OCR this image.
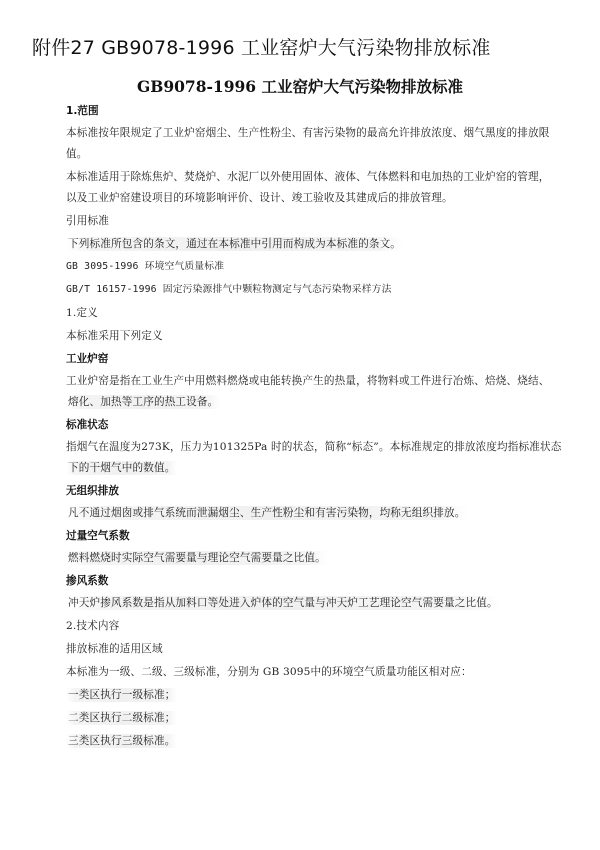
附件27 GB9078-1996 工业窑炉大气污染物排放标准
GB9078-1996 工业窑炉大气污染物排放标准
1.范围
本标准按年限规定了工业炉窑烟尘、生产性粉尘、有害污染物的最高允许排放浓度、烟气黑度的排放限
值。
本标准适用于除炼焦炉、焚烧炉、水泥厂以外使用固体、液体、气体燃料和电加热的工业炉窑的管理，
以及工业炉窑建设项目的环境影响评价、设计、竣工验收及其建成后的排放管理。
引用标准
下列标准所包含的条文，通过在本标准中引用而构成为本标准的条文。
GB 3095-1996 环境空气质量标准
GB/T 16157-1996 固定污染源排气中颗粒物测定与气态污染物采样方法
1.定义
本标准采用下列定义
工业炉窑
工业炉窑是指在工业生产中用燃料燃烧或电能转换产生的热量，将物料或工件进行冶炼、焙烧、烧结、
熔化、加热等工序的热工设备。
标准状态
指烟气在温度为273K，压力为101325Pa 时的状态，简称“标态”。本标准规定的排放浓度均指标准状态
下的干烟气中的数值。
无组织排放
凡不通过烟囱或排气系统而泄漏烟尘、生产性粉尘和有害污染物，均称无组织排放。
过量空气系数
燃料燃烧时实际空气需要量与理论空气需要量之比值。
掺风系数
冲天炉掺风系数是指从加料口等处进入炉体的空气量与冲天炉工艺理论空气需要量之比值。
2.技术内容
排放标准的适用区域
本标准为一级、二级、三级标准，分别为 GB 3095中的环境空气质量功能区相对应：
一类区执行一级标准；
二类区执行二级标准；
三类区执行三级标准。
